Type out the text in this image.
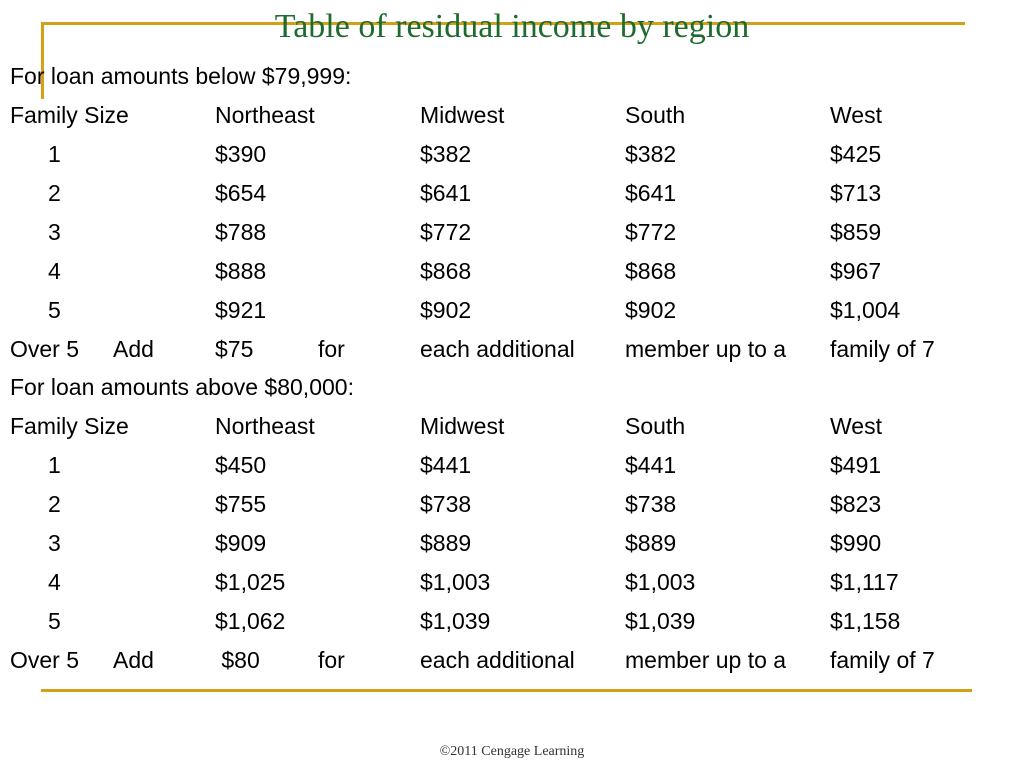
Table of residual income by region
For loan amounts below $79,999:
Family Size	Northeast	Midwest	South	West
1	$390	$382	$382	$425
2	$654	$641	$641	$713
3	$788	$772	$772	$859
4	$888	$868	$868	$967
5	$921	$902	$902	$1,004
Over 5 Add	$75	for	each additional member up to a family of 7
For loan amounts above $80,000:
Family Size	Northeast	Midwest	South	West
1	$450	$441	$441	$491
2	$755	$738	$738	$823
3	$909	$889	$889	$990
4	$1,025	$1,003	$1,003	$1,117
5	$1,062	$1,039	$1,039	$1,158
Over 5 Add	$80	for	each additional member up to a family of 7
©2011 Cengage Learning
